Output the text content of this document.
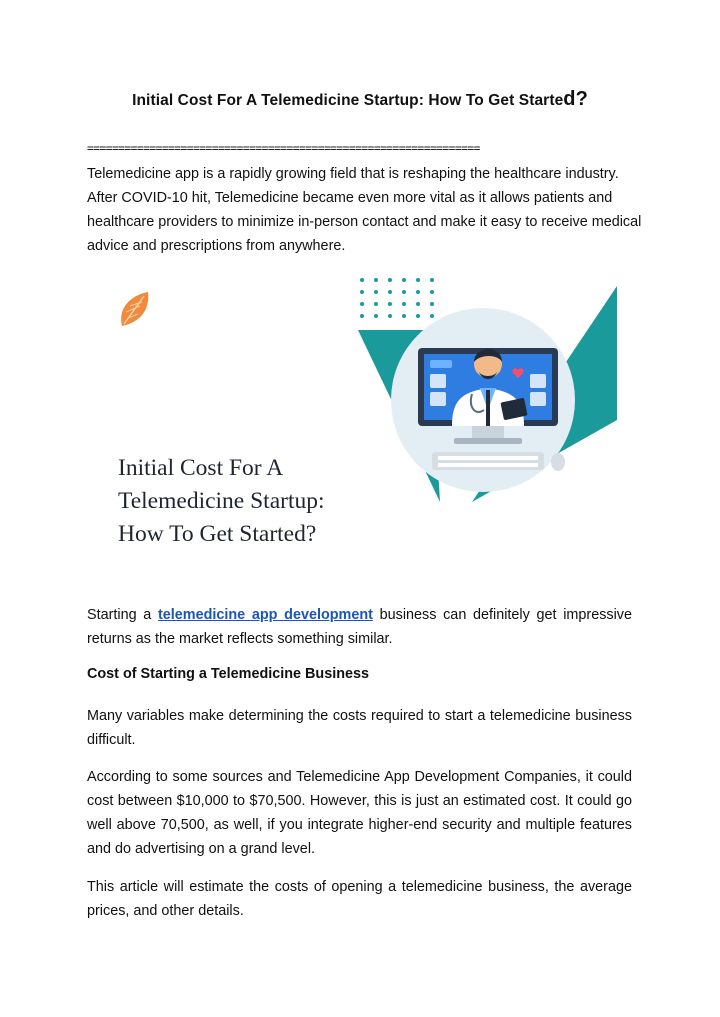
Initial Cost For A Telemedicine Startup: How To Get Started?
===============================================================
Telemedicine app is a rapidly growing field that is reshaping the healthcare industry. After COVID-10 hit, Telemedicine became even more vital as it allows patients and healthcare providers to minimize in-person contact and make it easy to receive medical advice and prescriptions from anywhere.
Initial Cost For A
Telemedicine Startup:
How To Get Started?
Starting a telemedicine app development business can definitely get impressive returns as the market reflects something similar.
Cost of Starting a Telemedicine Business
Many variables make determining the costs required to start a telemedicine business difficult.
According to some sources and Telemedicine App Development Companies, it could cost between $10,000 to $70,500. However, this is just an estimated cost. It could go well above 70,500, as well, if you integrate higher-end security and multiple features and do advertising on a grand level.
This article will estimate the costs of opening a telemedicine business, the average prices, and other details.
